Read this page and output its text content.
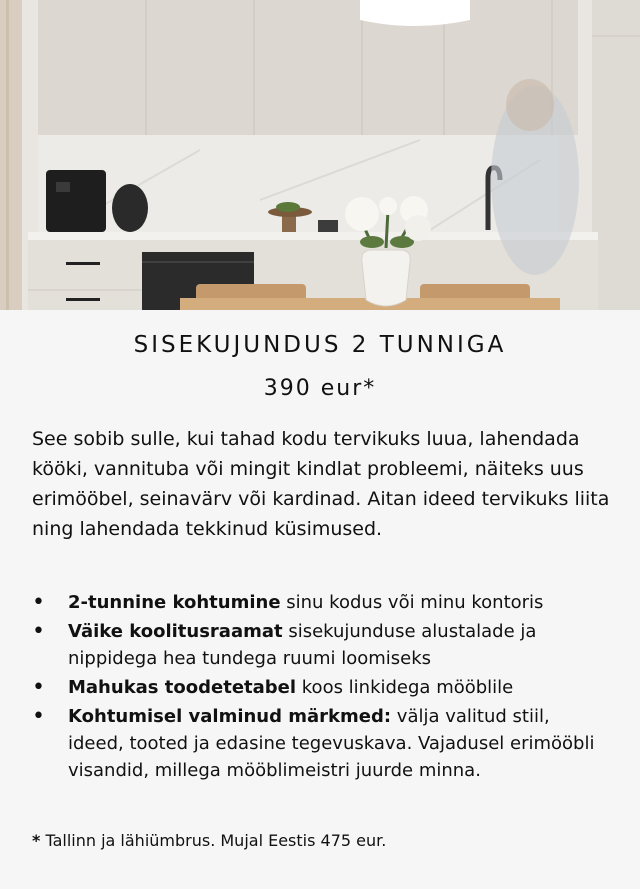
SISEKUJUNDUS 2 TUNNIGA
390 eur*

See sobib sulle, kui tahad kodu tervikuks luua, lahendada kööki, vannituba või mingit kindlat probleemi, näiteks uus erimööbel, seinavärv või kardinad. Aitan ideed tervikuks liita ning lahendada tekkinud küsimused.

• 2-tunnine kohtumine sinu kodus või minu kontoris
• Väike koolitusraamat sisekujunduse alustalade ja nippidega hea tundega ruumi loomiseks
• Mahukas toodetetabel koos linkidega mööblile
• Kohtumisel valminud märkmed: välja valitud stiil, ideed, tooted ja edasine tegevuskava. Vajadusel erimööbli visandid, millega mööblimeistri juurde minna.

* Tallinn ja lähiümbrus. Mujal Eestis 475 eur.
